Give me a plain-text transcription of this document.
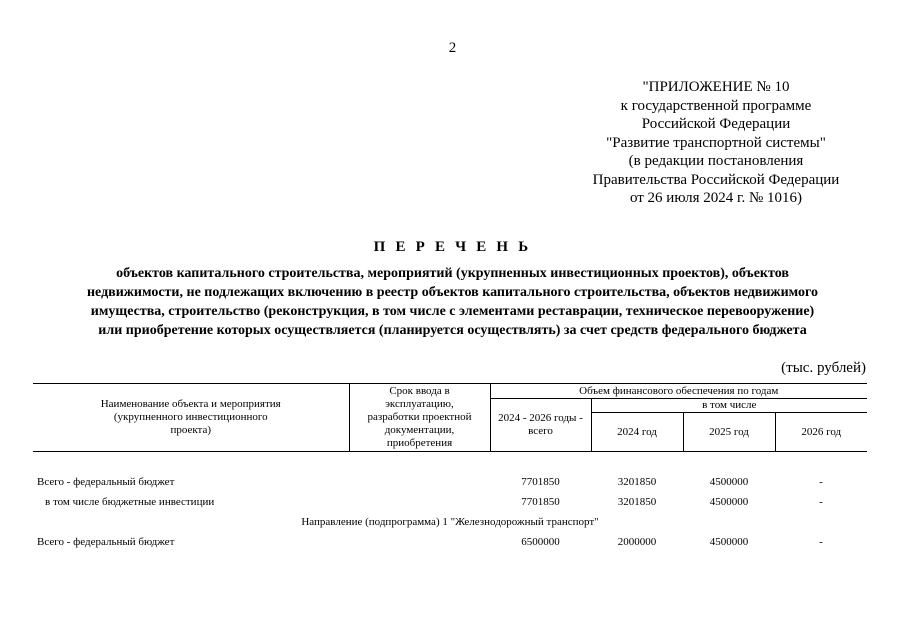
2
"ПРИЛОЖЕНИЕ № 10
к государственной программе
Российской Федерации
"Развитие транспортной системы"
(в редакции постановления
Правительства Российской Федерации
от 26 июля 2024 г. № 1016)
П Е Р Е Ч Е Н Ь
объектов капитального строительства, мероприятий (укрупненных инвестиционных проектов), объектов
недвижимости, не подлежащих включению в реестр объектов капитального строительства, объектов недвижимого
имущества, строительство (реконструкция, в том числе с элементами реставрации, техническое перевооружение)
или приобретение которых осуществляется (планируется осуществлять) за счет средств федерального бюджета
(тыс. рублей)
Наименование объекта и мероприятия (укрупненного инвестиционного проекта)	Срок ввода в эксплуатацию, разработки проектной документации, приобретения	Объем финансового обеспечения по годам			
		2024 - 2026 годы - всего	в том числе		
			2024 год	2025 год	2026 год

Всего - федеральный бюджет		7701850	3201850	4500000	-
в том числе бюджетные инвестиции		7701850	3201850	4500000	-
Направление (подпрограмма) 1 "Железнодорожный транспорт"					
Всего - федеральный бюджет		6500000	2000000	4500000	-
